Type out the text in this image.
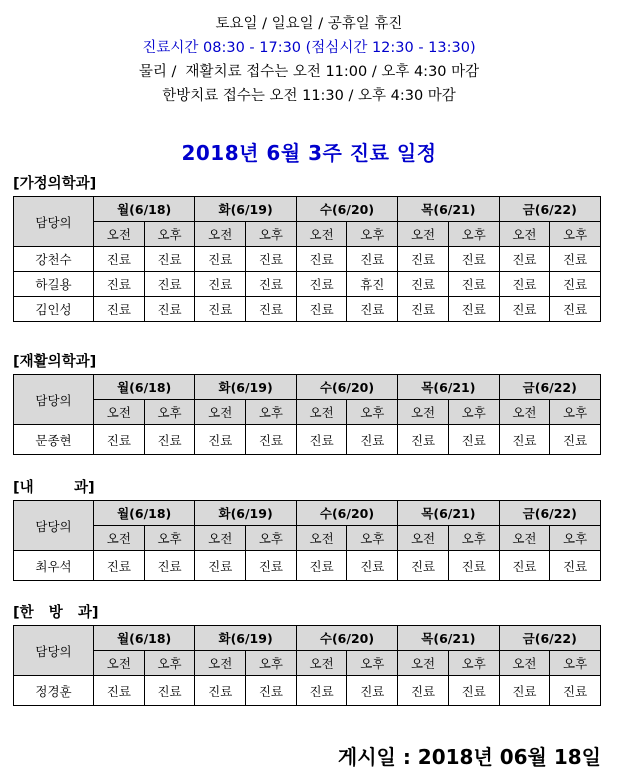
토요일 / 일요일 / 공휴일 휴진
진료시간 08:30 - 17:30 (점심시간 12:30 - 13:30)
물리 /  재활치료 접수는 오전 11:00 / 오후 4:30 마감
한방치료 접수는 오전 11:30 / 오후 4:30 마감
2018년 6월 3주 진료 일정
[가정의학과]
담당의	월(6/18)		화(6/19)		수(6/20)		목(6/21)		금(6/22)	
	오전	오후	오전	오후	오전	오후	오전	오후	오전	오후
강천수	진료	진료	진료	진료	진료	진료	진료	진료	진료	진료
하길용	진료	진료	진료	진료	진료	휴진	진료	진료	진료	진료
김인성	진료	진료	진료	진료	진료	진료	진료	진료	진료	진료
[재활의학과]
담당의	월(6/18)		화(6/19)		수(6/20)		목(6/21)		금(6/22)	
	오전	오후	오전	오후	오전	오후	오전	오후	오전	오후
문종현	진료	진료	진료	진료	진료	진료	진료	진료	진료	진료
[내        과]
담당의	월(6/18)		화(6/19)		수(6/20)		목(6/21)		금(6/22)	
	오전	오후	오전	오후	오전	오후	오전	오후	오전	오후
최우석	진료	진료	진료	진료	진료	진료	진료	진료	진료	진료
[한   방   과]
담당의	월(6/18)		화(6/19)		수(6/20)		목(6/21)		금(6/22)	
	오전	오후	오전	오후	오전	오후	오전	오후	오전	오후
정경훈	진료	진료	진료	진료	진료	진료	진료	진료	진료	진료
게시일 : 2018년 06월 18일
